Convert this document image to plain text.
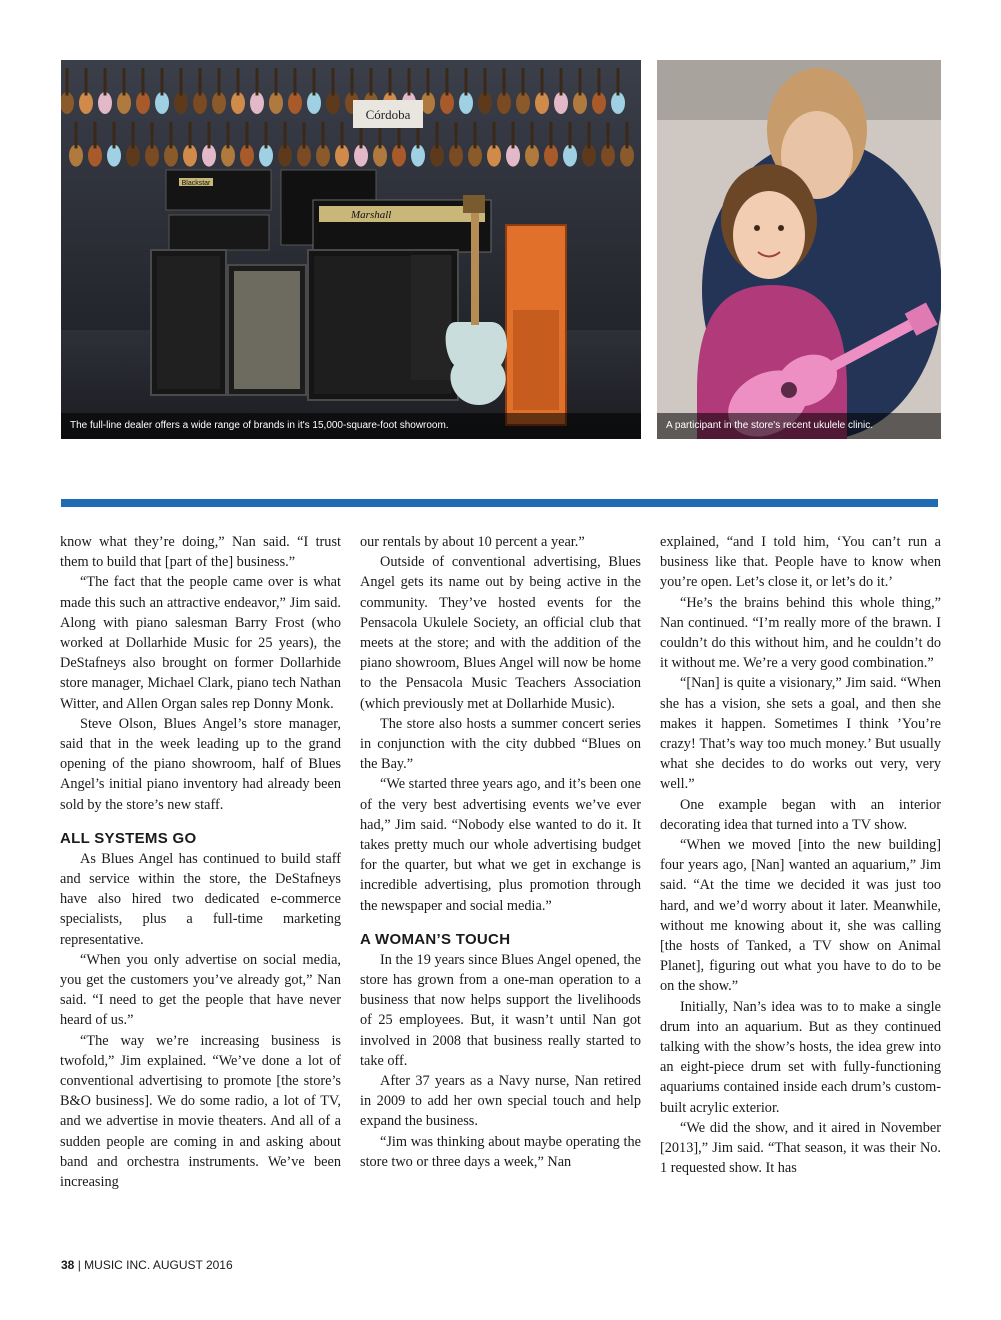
Córdoba
Blackstar
Marshall
The full-line dealer offers a wide range of brands in it's 15,000-square-foot showroom.	A participant in the store's recent ukulele clinic.

know what they’re doing,” Nan said. “I trust them to build that [part of the] business.”

“The fact that the people came over is what made this such an attractive endeavor,” Jim said. Along with piano salesman Barry Frost (who worked at Dollarhide Music for 25 years), the DeStafneys also brought on former Dollarhide store manager, Michael Clark, piano tech Nathan Witter, and Allen Organ sales rep Donny Monk.

Steve Olson, Blues Angel’s store manager, said that in the week leading up to the grand opening of the piano showroom, half of Blues Angel’s initial piano inventory had already been sold by the store’s new staff.

ALL SYSTEMS GO

As Blues Angel has continued to build staff and service within the store, the DeStafneys have also hired two dedicated e-commerce specialists, plus a full-time marketing representative.

“When you only advertise on social media, you get the customers you’ve already got,” Nan said. “I need to get the people that have never heard of us.”

“The way we’re increasing business is twofold,” Jim explained. “We’ve done a lot of conventional advertising to promote [the store’s B&O business]. We do some radio, a lot of TV, and we advertise in movie theaters. And all of a sudden people are coming in and asking about band and orchestra instruments. We’ve been increasing

our rentals by about 10 percent a year.”

Outside of conventional advertising, Blues Angel gets its name out by being active in the community. They’ve hosted events for the Pensacola Ukulele Society, an official club that meets at the store; and with the addition of the piano showroom, Blues Angel will now be home to the Pensacola Music Teachers Association (which previously met at Dollarhide Music).

The store also hosts a summer concert series in conjunction with the city dubbed “Blues on the Bay.”

“We started three years ago, and it’s been one of the very best advertising events we’ve ever had,” Jim said. “Nobody else wanted to do it. It takes pretty much our whole advertising budget for the quarter, but what we get in exchange is incredible advertising, plus promotion through the newspaper and social media.”

A WOMAN’S TOUCH

In the 19 years since Blues Angel opened, the store has grown from a one-man operation to a business that now helps support the livelihoods of 25 employees. But, it wasn’t until Nan got involved in 2008 that business really started to take off.

After 37 years as a Navy nurse, Nan retired in 2009 to add her own special touch and help expand the business.

“Jim was thinking about maybe operating the store two or three days a week,” Nan

explained, “and I told him, ‘You can’t run a business like that. People have to know when you’re open. Let’s close it, or let’s do it.’

“He’s the brains behind this whole thing,” Nan continued. “I’m really more of the brawn. I couldn’t do this without him, and he couldn’t do it without me. We’re a very good combination.”

“[Nan] is quite a visionary,” Jim said. “When she has a vision, she sets a goal, and then she makes it happen. Sometimes I think ’You’re crazy! That’s way too much money.’ But usually what she decides to do works out very, very well.”

One example began with an interior decorating idea that turned into a TV show.

“When we moved [into the new building] four years ago, [Nan] wanted an aquarium,” Jim said. “At the time we decided it was just too hard, and we’d worry about it later. Meanwhile, without me knowing about it, she was calling [the hosts of Tanked, a TV show on Animal Planet], figuring out what you have to do to be on the show.”

Initially, Nan’s idea was to to make a single drum into an aquarium. But as they continued talking with the show’s hosts, the idea grew into an eight-piece drum set with fully-functioning aquariums contained inside each drum’s custom-built acrylic exterior.

“We did the show, and it aired in November [2013],” Jim said. “That season, it was their No. 1 requested show. It has

38 | MUSIC INC. AUGUST 2016
